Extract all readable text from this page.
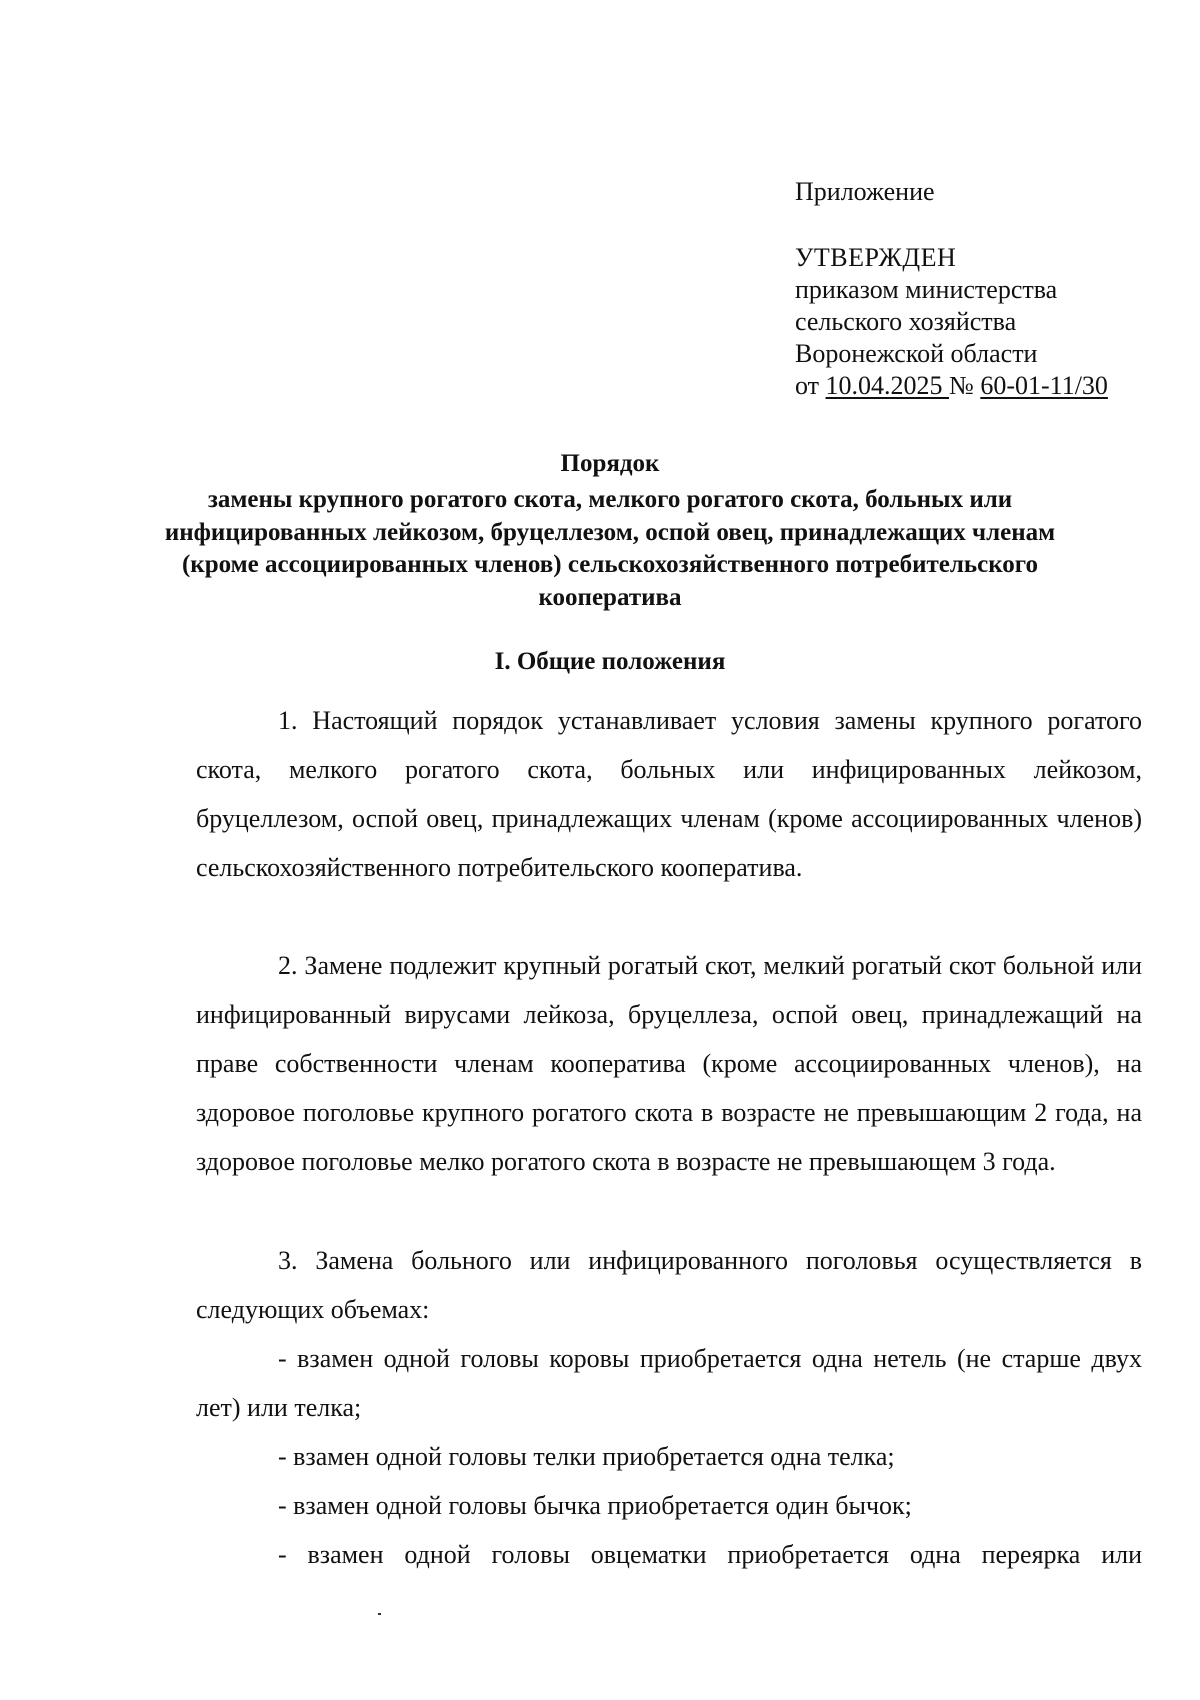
Приложение
УТВЕРЖДЕН
приказом министерства
сельского хозяйства
Воронежской области
от 10.04.2025 № 60-01-11/30
Порядок
замены крупного рогатого скота, мелкого рогатого скота, больных или инфицированных лейкозом, бруцеллезом, оспой овец, принадлежащих членам (кроме ассоциированных членов) сельскохозяйственного потребительского кооператива
I. Общие положения
1. Настоящий порядок устанавливает условия замены крупного рогатого скота, мелкого рогатого скота, больных или инфицированных лейкозом, бруцеллезом, оспой овец, принадлежащих членам (кроме ассоциированных членов) сельскохозяйственного потребительского кооператива.
2. Замене подлежит крупный рогатый скот, мелкий рогатый скот больной или инфицированный вирусами лейкоза, бруцеллеза, оспой овец, принадлежащий на праве собственности членам кооператива (кроме ассоциированных членов), на здоровое поголовье крупного рогатого скота в возрасте не превышающим 2 года, на здоровое поголовье мелко рогатого скота в возрасте не превышающем 3 года.
3. Замена больного или инфицированного поголовья осуществляется в следующих объемах:
- взамен одной головы коровы приобретается одна нетель (не старше двух лет) или телка;
- взамен одной головы телки приобретается одна телка;
- взамен одной головы бычка приобретается один бычок;
- взамен одной головы овцематки приобретается одна переярка или
